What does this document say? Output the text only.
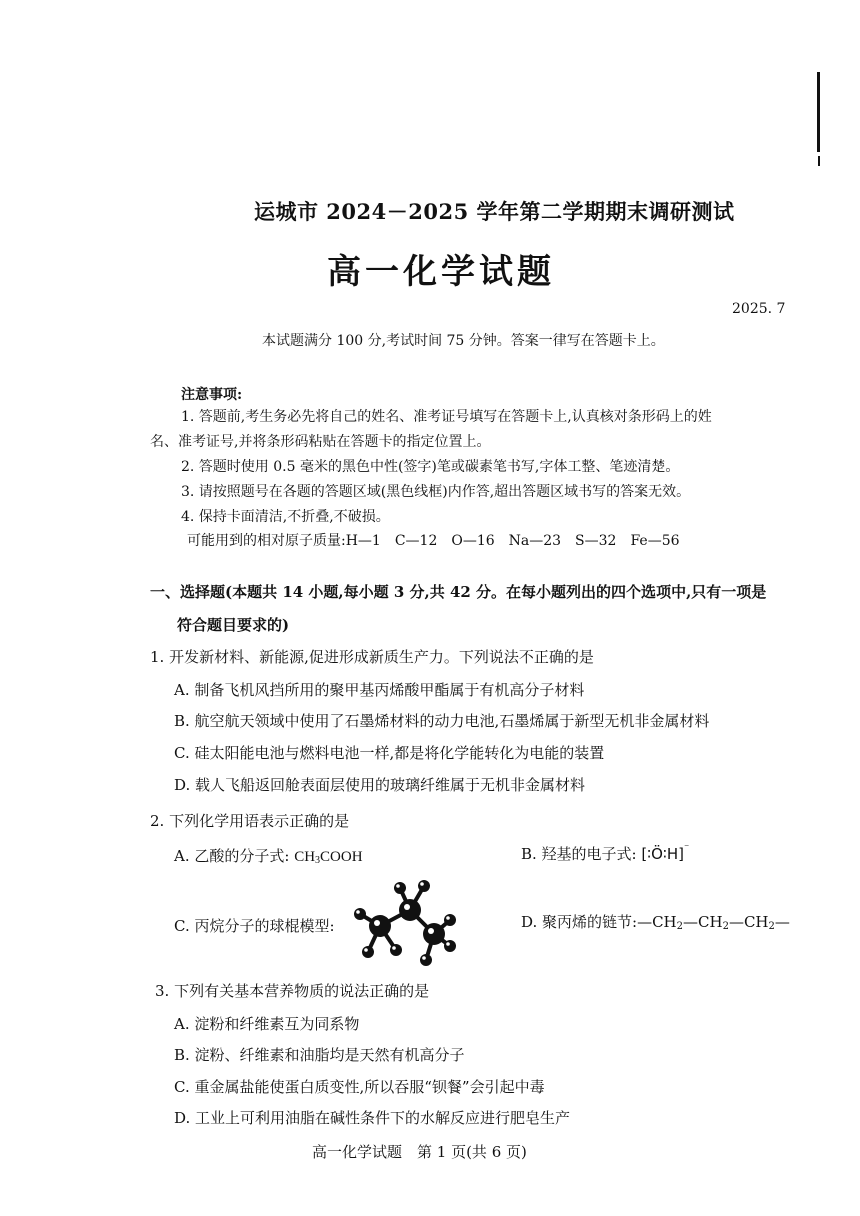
运城市 2024－2025 学年第二学期期末调研测试
高一化学试题
2025. 7
本试题满分 100 分,考试时间 75 分钟。答案一律写在答题卡上。
注意事项:
1. 答题前,考生务必先将自己的姓名、准考证号填写在答题卡上,认真核对条形码上的姓
名、准考证号,并将条形码粘贴在答题卡的指定位置上。
2. 答题时使用 0.5 毫米的黑色中性(签字)笔或碳素笔书写,字体工整、笔迹清楚。
3. 请按照题号在各题的答题区域(黑色线框)内作答,超出答题区域书写的答案无效。
4. 保持卡面清洁,不折叠,不破损。
可能用到的相对原子质量:H—1　C—12　O—16　Na—23　S—32　Fe—56
一、选择题(本题共 14 小题,每小题 3 分,共 42 分。在每小题列出的四个选项中,只有一项是
符合题目要求的)
1. 开发新材料、新能源,促进形成新质生产力。下列说法不正确的是
A. 制备飞机风挡所用的聚甲基丙烯酸甲酯属于有机高分子材料
B. 航空航天领域中使用了石墨烯材料的动力电池,石墨烯属于新型无机非金属材料
C. 硅太阳能电池与燃料电池一样,都是将化学能转化为电能的装置
D. 载人飞船返回舱表面层使用的玻璃纤维属于无机非金属材料
2. 下列化学用语表示正确的是
A. 乙酸的分子式: $CH_3COOH$	B. 羟基的电子式: [∶Ö∶H]⁻
C. 丙烷分子的球棍模型:	D. 聚丙烯的链节$:—CH_2—CH_2—CH_2—$
3. 下列有关基本营养物质的说法正确的是
A. 淀粉和纤维素互为同系物
B. 淀粉、纤维素和油脂均是天然有机高分子
C. 重金属盐能使蛋白质变性,所以吞服“钡餐”会引起中毒
D. 工业上可利用油脂在碱性条件下的水解反应进行肥皂生产
高一化学试题　第 1 页(共 6 页)
